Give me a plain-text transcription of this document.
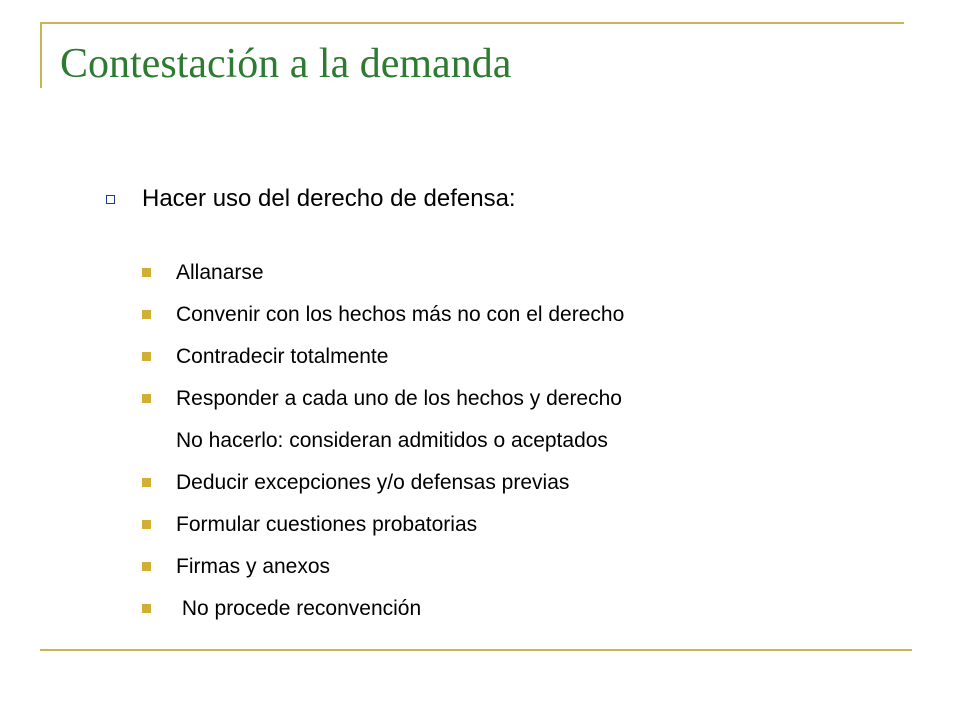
Contestación a la demanda
Hacer uso del derecho de defensa:
Allanarse
Convenir con los hechos más no con el derecho
Contradecir totalmente
Responder a cada uno de los hechos y derecho
No hacerlo: consideran admitidos o aceptados
Deducir excepciones y/o defensas previas
Formular cuestiones probatorias
Firmas y anexos
No procede reconvención
